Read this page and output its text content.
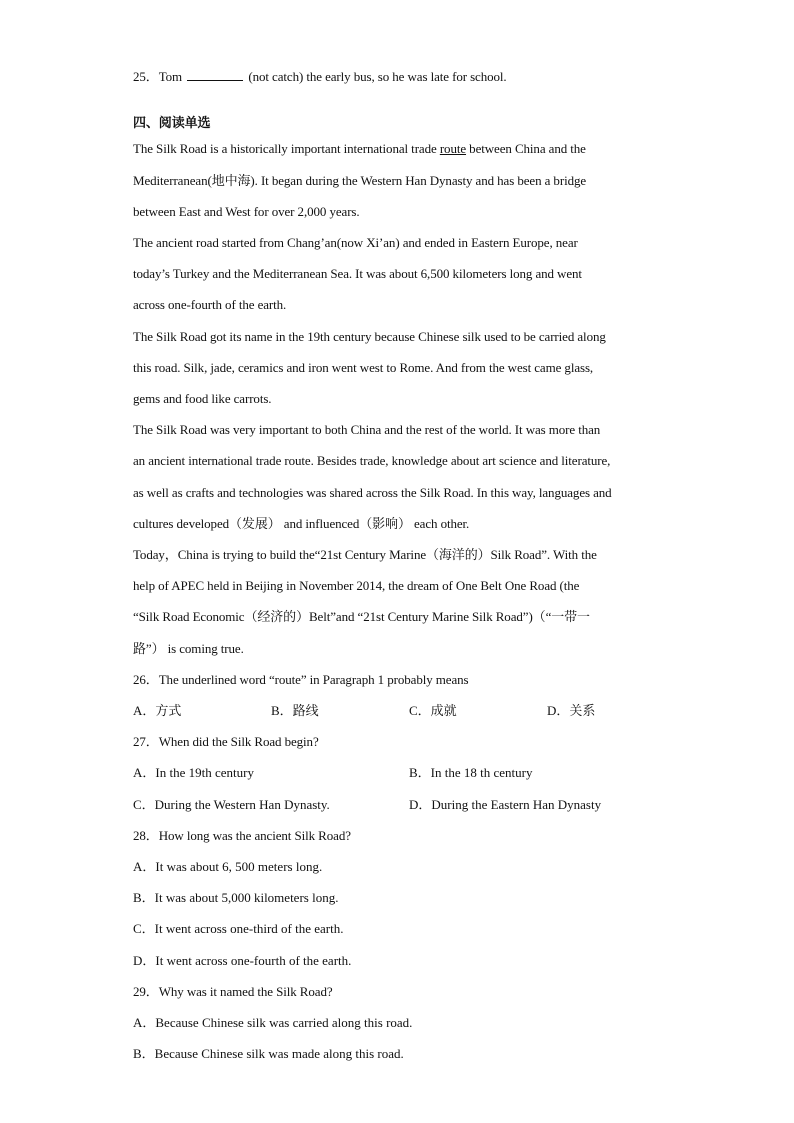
25．Tom	(not catch) the early bus, so he was late for school.
四、阅读单选
The Silk Road is a historically important international trade route between China and the
Mediterranean(地中海). It began during the Western Han Dynasty and has been a bridge
between East and West for over 2,000 years.
The ancient road started from Chang’an(now Xi’an) and ended in Eastern Europe, near
today’s Turkey and the Mediterranean Sea. It was about 6,500 kilometers long and went
across one-fourth of the earth.
The Silk Road got its name in the 19th century because Chinese silk used to be carried along
this road. Silk, jade, ceramics and iron went west to Rome. And from the west came glass,
gems and food like carrots.
The Silk Road was very important to both China and the rest of the world. It was more than
an ancient international trade route. Besides trade, knowledge about art science and literature,
as well as crafts and technologies was shared across the Silk Road. In this way, languages and
cultures developed（发展） and influenced（影响） each other.
Today，China is trying to build the“21st Century Marine（海洋的）Silk Road”. With the
help of APEC held in Beijing in November 2014, the dream of One Belt One Road (the
“Silk Road Economic（经济的）Belt”and “21st Century Marine Silk Road”)（“一带一
路”） is coming true.
26．The underlined word “route” in Paragraph 1 probably means
A．方式	B．路线	C．成就	D．关系
27．When did the Silk Road begin?
A．In the 19th century	B．In the 18 th century
C．During the Western Han Dynasty.	D．During the Eastern Han Dynasty
28．How long was the ancient Silk Road?
A．It was about 6, 500 meters long.
B．It was about 5,000 kilometers long.
C．It went across one-third of the earth.
D．It went across one-fourth of the earth.
29．Why was it named the Silk Road?
A．Because Chinese silk was carried along this road.
B．Because Chinese silk was made along this road.
